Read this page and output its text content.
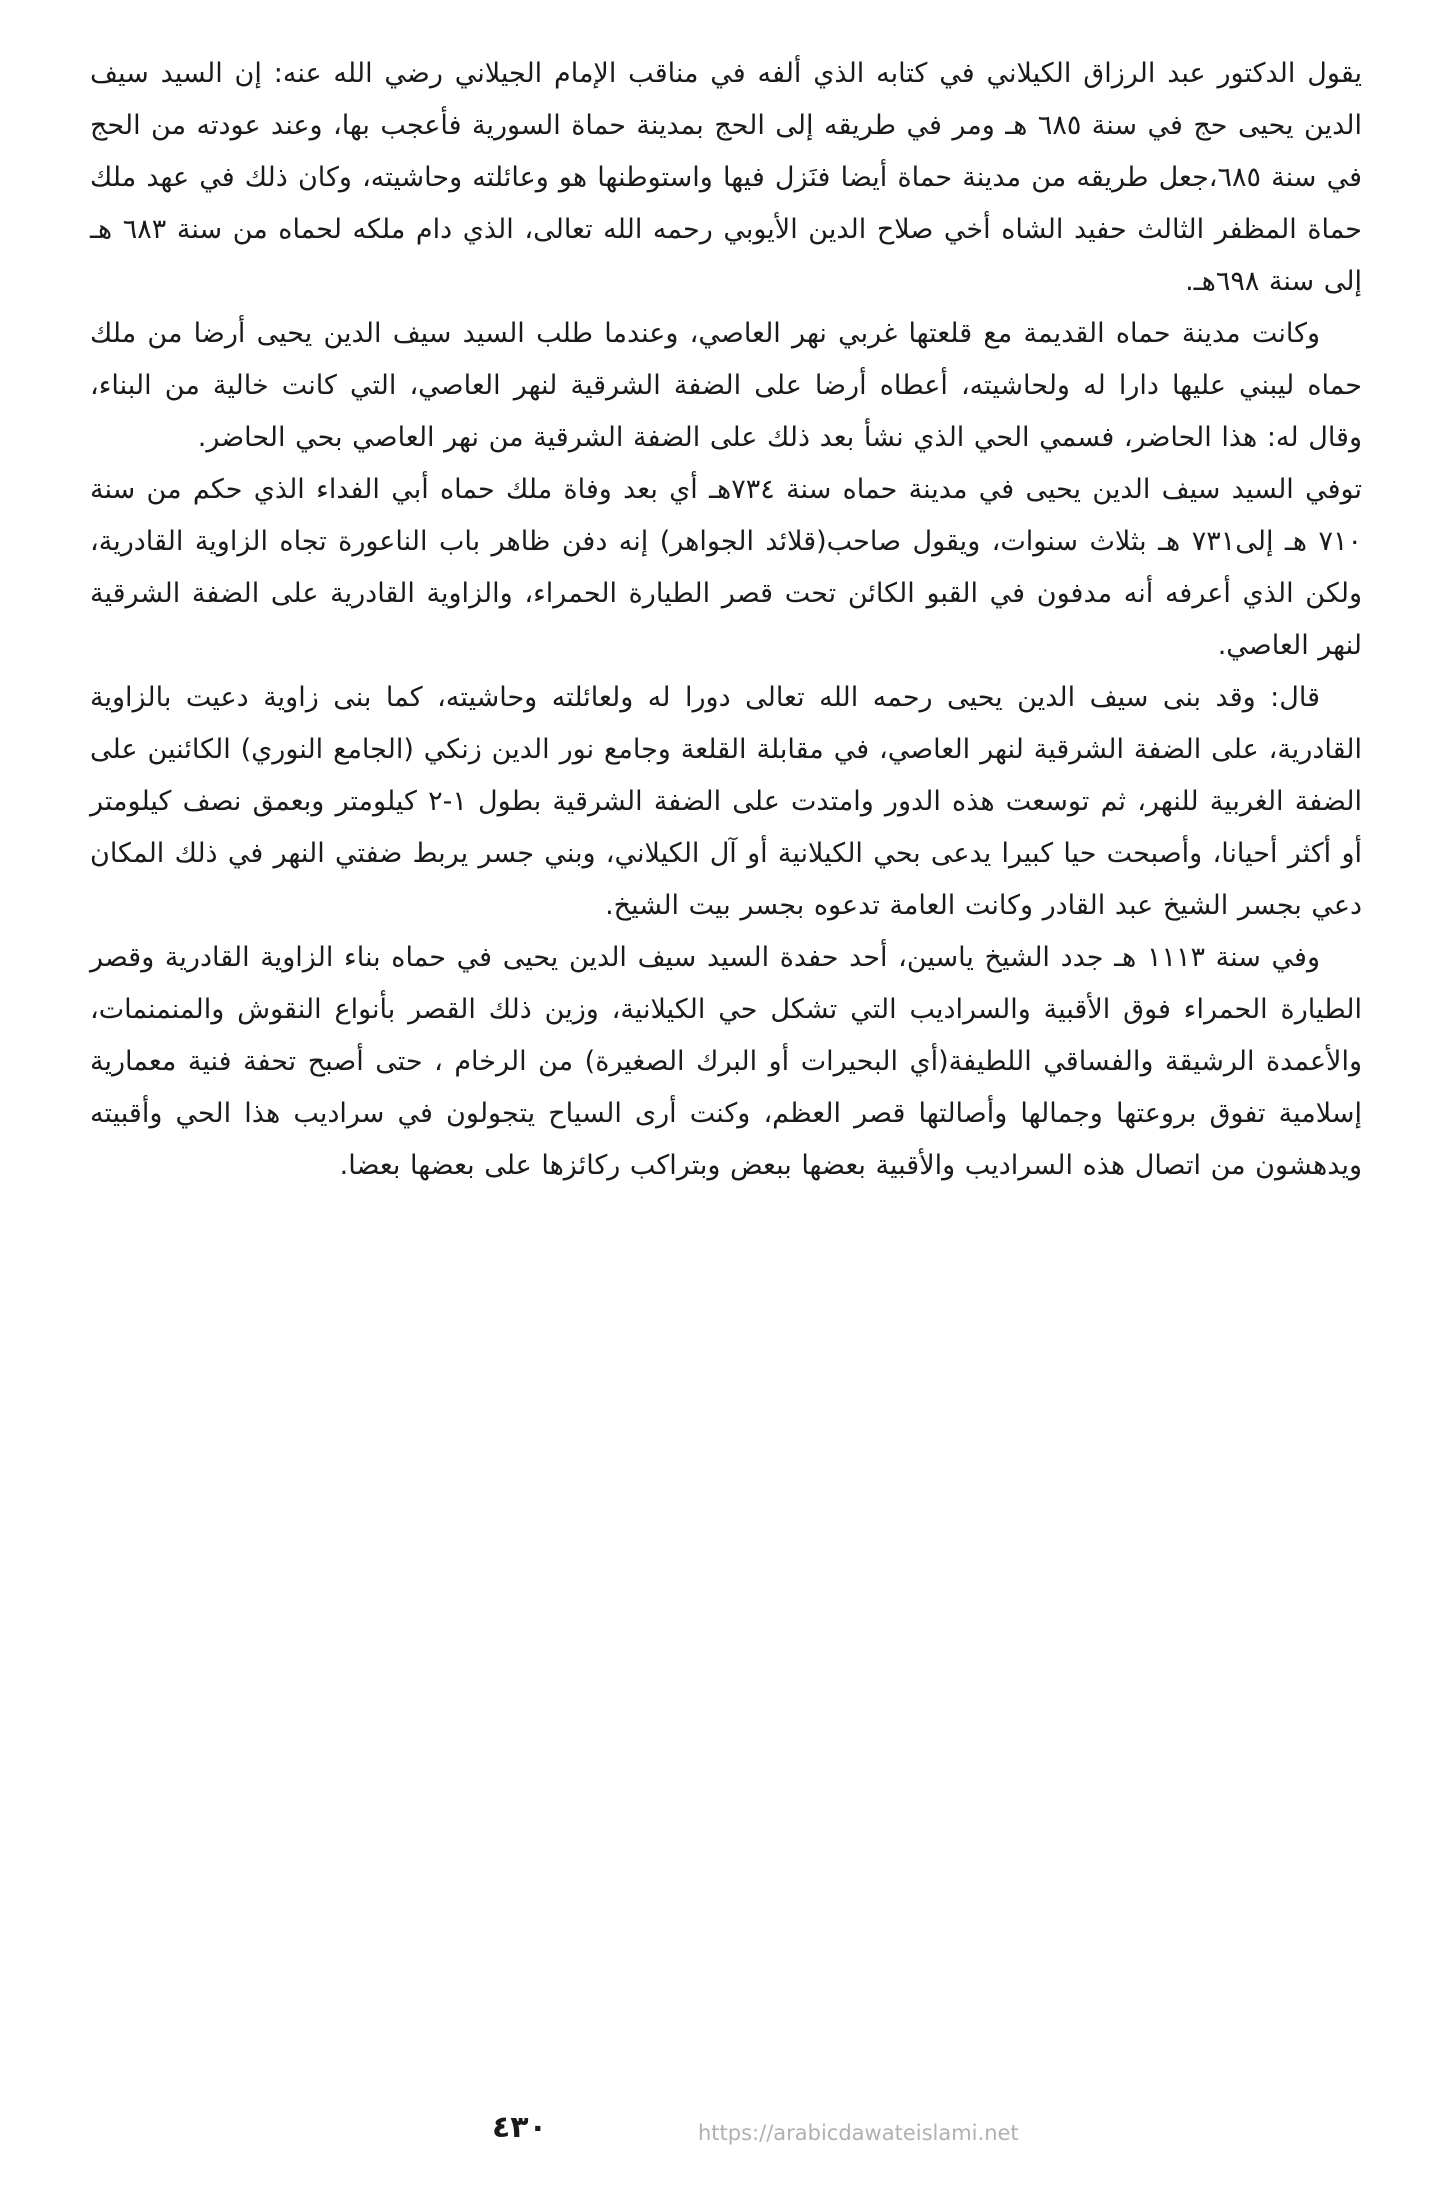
يقول الدكتور عبد الرزاق الكيلاني في كتابه الذي ألفه في مناقب الإمام الجيلاني رضي الله عنه: إن السيد سيف الدين يحيى حج في سنة ٦٨٥ هـ ومر في طريقه إلى الحج بمدينة حماة السورية فأعجب بها، وعند عودته من الحج في سنة ٦٨٥،جعل طريقه من مدينة حماة أيضا فنَزل فيها واستوطنها هو وعائلته وحاشيته، وكان ذلك في عهد ملك حماة المظفر الثالث حفيد الشاه أخي صلاح الدين الأيوبي رحمه الله تعالى، الذي دام ملكه لحماه من سنة ٦٨٣ هـ إلى سنة ٦٩٨هـ.

وكانت مدينة حماه القديمة مع قلعتها غربي نهر العاصي، وعندما طلب السيد سيف الدين يحيى أرضا من ملك حماه ليبني عليها دارا له ولحاشيته، أعطاه أرضا على الضفة الشرقية لنهر العاصي، التي كانت خالية من البناء، وقال له: هذا الحاضر، فسمي الحي الذي نشأ بعد ذلك على الضفة الشرقية من نهر العاصي بحي الحاضر.

توفي السيد سيف الدين يحيى في مدينة حماه سنة ٧٣٤هـ أي بعد وفاة ملك حماه أبي الفداء الذي حكم من سنة ٧١٠ هـ إلى٧٣١ هـ بثلاث سنوات، ويقول صاحب(قلائد الجواهر) إنه دفن ظاهر باب الناعورة تجاه الزاوية القادرية، ولكن الذي أعرفه أنه مدفون في القبو الكائن تحت قصر الطيارة الحمراء، والزاوية القادرية على الضفة الشرقية لنهر العاصي.

قال: وقد بنى سيف الدين يحيى رحمه الله تعالى دورا له ولعائلته وحاشيته، كما بنى زاوية دعيت بالزاوية القادرية، على الضفة الشرقية لنهر العاصي، في مقابلة القلعة وجامع نور الدين زنكي (الجامع النوري) الكائنين على الضفة الغربية للنهر، ثم توسعت هذه الدور وامتدت على الضفة الشرقية بطول ١-٢ كيلومتر وبعمق نصف كيلومتر أو أكثر أحيانا، وأصبحت حيا كبيرا يدعى بحي الكيلانية أو آل الكيلاني، وبني جسر يربط ضفتي النهر في ذلك المكان دعي بجسر الشيخ عبد القادر وكانت العامة تدعوه بجسر بيت الشيخ.

وفي سنة ١١١٣ هـ جدد الشيخ ياسين، أحد حفدة السيد سيف الدين يحيى في حماه بناء الزاوية القادرية وقصر الطيارة الحمراء فوق الأقبية والسراديب التي تشكل حي الكيلانية، وزين ذلك القصر بأنواع النقوش والمنمنمات، والأعمدة الرشيقة والفساقي اللطيفة(أي البحيرات أو البرك الصغيرة) من الرخام ، حتى أصبح تحفة فنية معمارية إسلامية تفوق بروعتها وجمالها وأصالتها قصر العظم، وكنت أرى السياح يتجولون في سراديب هذا الحي وأقبيته ويدهشون من اتصال هذه السراديب والأقبية بعضها ببعض وبتراكب ركائزها على بعضها بعضا.

٤٣٠	https://arabicdawateislami.net
